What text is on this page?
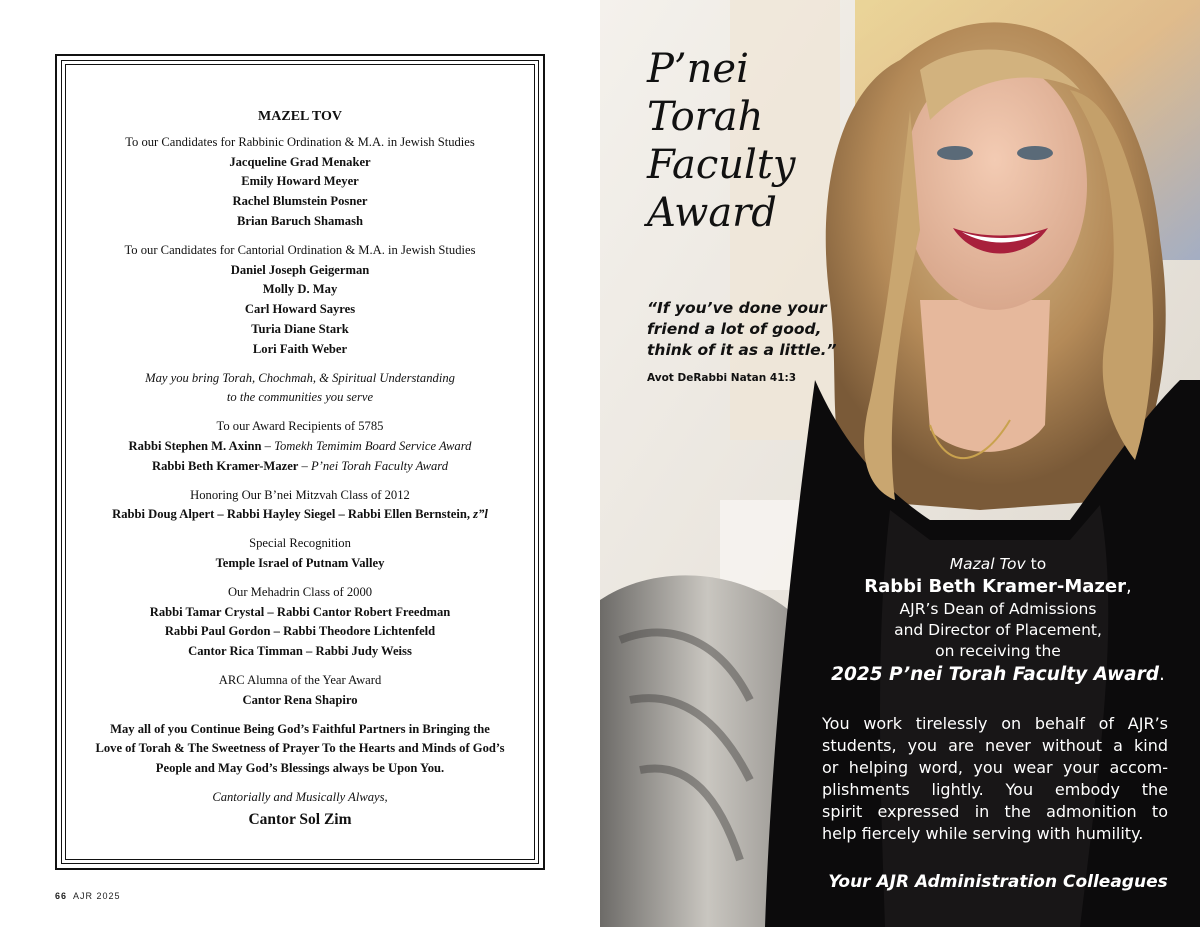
MAZEL TOV
To our Candidates for Rabbinic Ordination & M.A. in Jewish Studies
Jacqueline Grad Menaker
Emily Howard Meyer
Rachel Blumstein Posner
Brian Baruch Shamash
To our Candidates for Cantorial Ordination & M.A. in Jewish Studies
Daniel Joseph Geigerman
Molly D. May
Carl Howard Sayres
Turia Diane Stark
Lori Faith Weber
May you bring Torah, Chochmah, & Spiritual Understanding
to the communities you serve
To our Award Recipients of 5785
Rabbi Stephen M. Axinn – Tomekh Temimim Board Service Award
Rabbi Beth Kramer-Mazer – P’nei Torah Faculty Award
Honoring Our B’nei Mitzvah Class of 2012
Rabbi Doug Alpert – Rabbi Hayley Siegel – Rabbi Ellen Bernstein, z”l
Special Recognition
Temple Israel of Putnam Valley
Our Mehadrin Class of 2000
Rabbi Tamar Crystal – Rabbi Cantor Robert Freedman
Rabbi Paul Gordon – Rabbi Theodore Lichtenfeld
Cantor Rica Timman – Rabbi Judy Weiss
ARC Alumna of the Year Award
Cantor Rena Shapiro
May all of you Continue Being God’s Faithful Partners in Bringing the
Love of Torah & The Sweetness of Prayer To the Hearts and Minds of God’s
People and May God’s Blessings always be Upon You.
Cantorially and Musically Always,
Cantor Sol Zim
66 AJR 2025
P’nei
Torah
Faculty
Award
“If you’ve done your
friend a lot of good,
think of it as a little.”
Avot DeRabbi Natan 41:3
Mazal Tov to
Rabbi Beth Kramer-Mazer,
AJR’s Dean of Admissions
and Director of Placement,
on receiving the
2025 P’nei Torah Faculty Award.
You work tirelessly on behalf of AJR’s
students, you are never without a kind
or helping word, you wear your accom-
plishments lightly. You embody the
spirit expressed in the admonition to
help fiercely while serving with humility.
Your AJR Administration Colleagues
